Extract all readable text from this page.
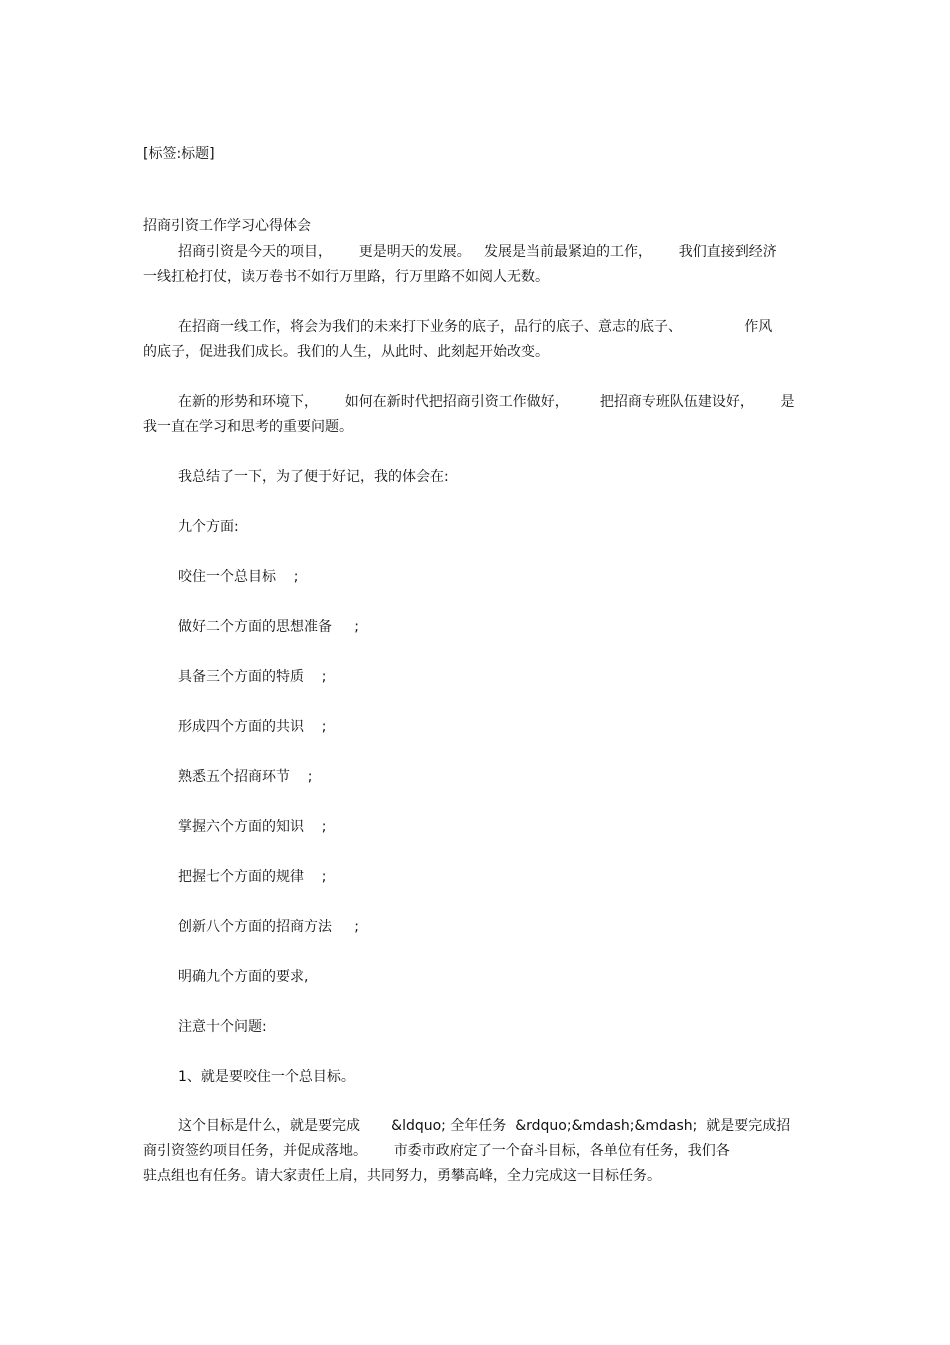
[标签:标题]
招商引资工作学习心得体会
招商引资是今天的项目，      更是明天的发展。   发展是当前最紧迫的工作，      我们直接到经济
一线扛枪打仗，读万卷书不如行万里路，行万里路不如阅人无数。
在招商一线工作，将会为我们的未来打下业务的底子，品行的底子、意志的底子、              作风
的底子，促进我们成长。我们的人生，从此时、此刻起开始改变。
在新的形势和环境下，      如何在新时代把招商引资工作做好，       把招商专班队伍建设好，      是
我一直在学习和思考的重要问题。
我总结了一下，为了便于好记，我的体会在:
九个方面:
咬住一个总目标    ;
做好二个方面的思想准备     ;
具备三个方面的特质    ;
形成四个方面的共识    ;
熟悉五个招商环节    ;
掌握六个方面的知识    ;
把握七个方面的规律    ;
创新八个方面的招商方法     ;
明确九个方面的要求,
注意十个问题:
1、就是要咬住一个总目标。
这个目标是什么，就是要完成       &ldquo; 全年任务  &rdquo;&mdash;&mdash;  就是要完成招
商引资签约项目任务，并促成落地。      市委市政府定了一个奋斗目标，各单位有任务，我们各
驻点组也有任务。请大家责任上肩，共同努力，勇攀高峰，全力完成这一目标任务。
